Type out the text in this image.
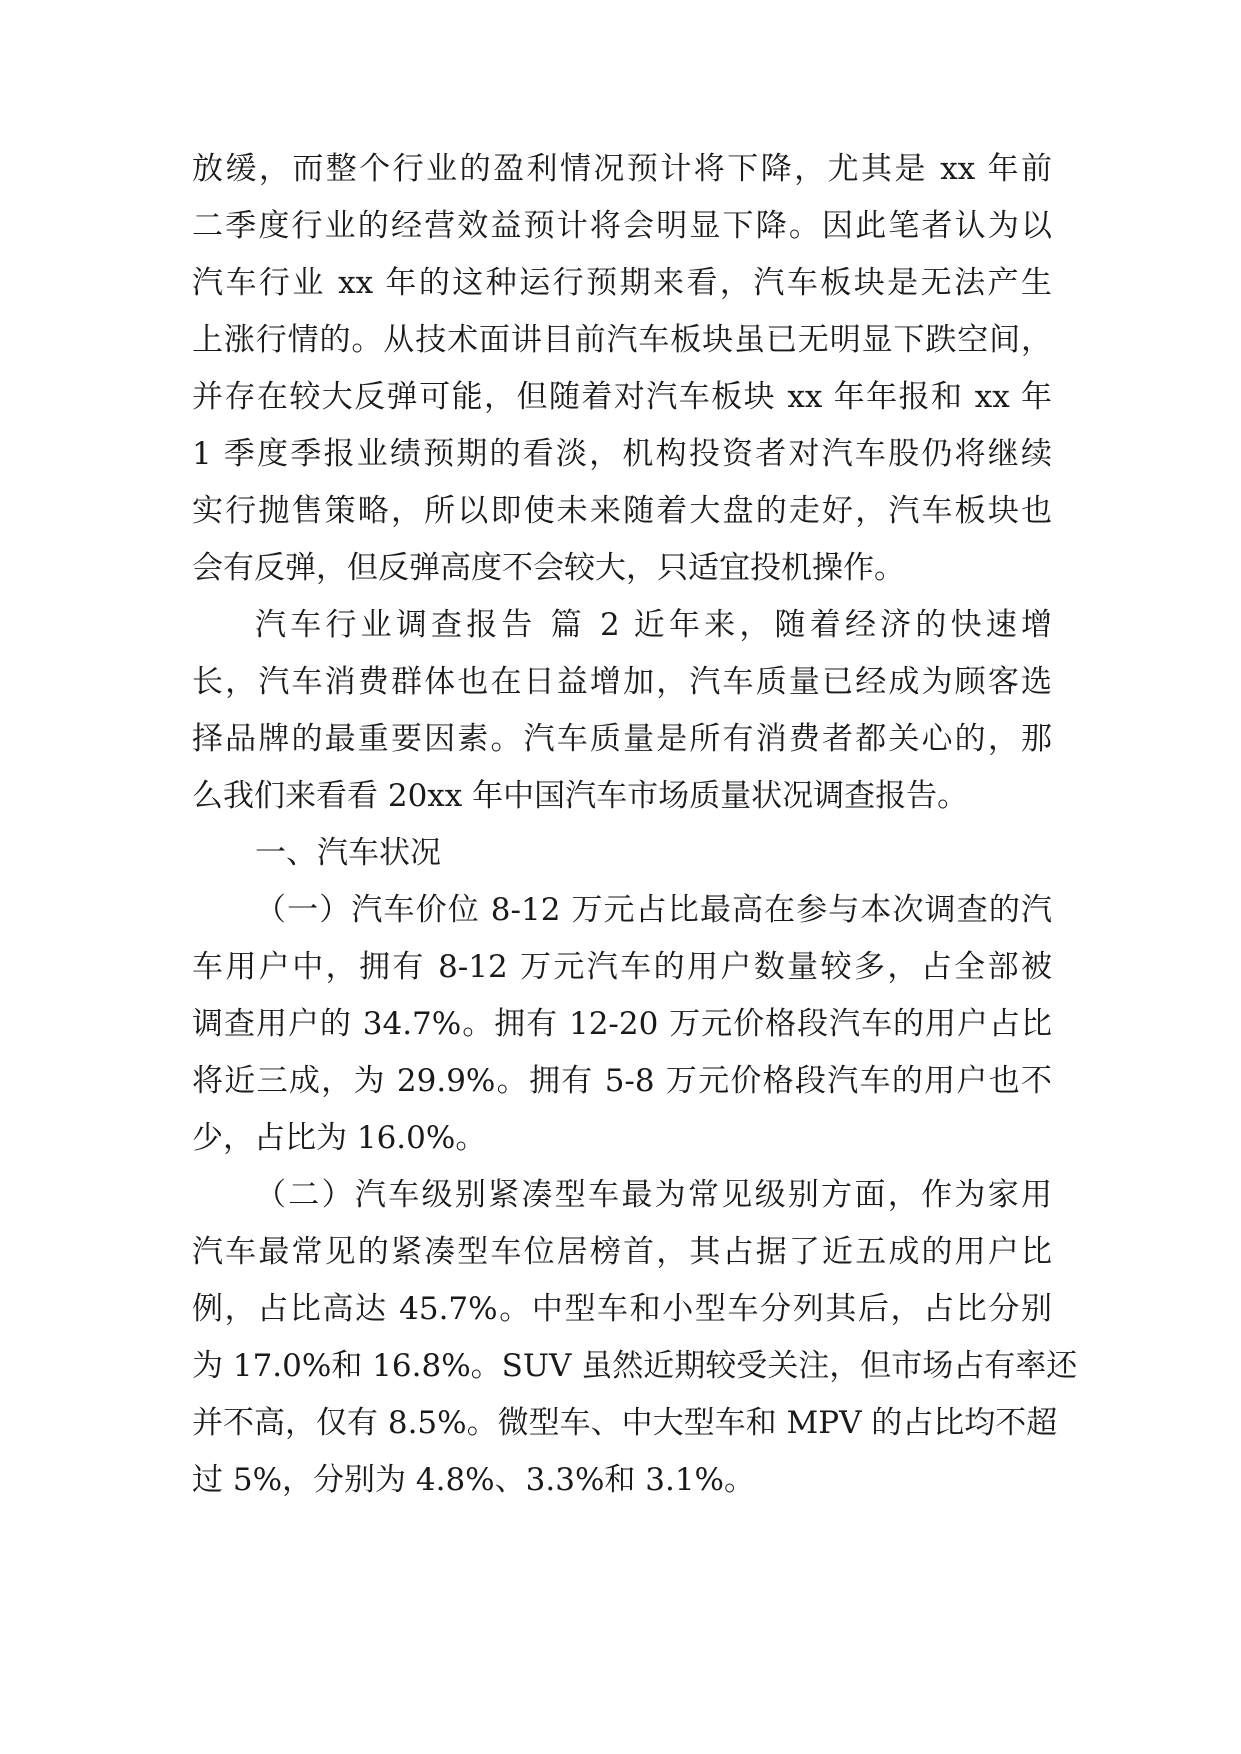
放缓，而整个行业的盈利情况预计将下降，尤其是 xx 年前
二季度行业的经营效益预计将会明显下降。因此笔者认为以
汽车行业 xx 年的这种运行预期来看，汽车板块是无法产生
上涨行情的。从技术面讲目前汽车板块虽已无明显下跌空间，
并存在较大反弹可能，但随着对汽车板块 xx 年年报和 xx 年
1 季度季报业绩预期的看淡，机构投资者对汽车股仍将继续
实行抛售策略，所以即使未来随着大盘的走好，汽车板块也
会有反弹，但反弹高度不会较大，只适宜投机操作。
汽车行业调查报告 篇 2 近年来，随着经济的快速增
长，汽车消费群体也在日益增加，汽车质量已经成为顾客选
择品牌的最重要因素。汽车质量是所有消费者都关心的，那
么我们来看看 20xx 年中国汽车市场质量状况调查报告。
一、汽车状况
（一）汽车价位 8-12 万元占比最高在参与本次调查的汽
车用户中，拥有 8-12 万元汽车的用户数量较多，占全部被
调查用户的 34.7%。拥有 12-20 万元价格段汽车的用户占比
将近三成，为 29.9%。拥有 5-8 万元价格段汽车的用户也不
少，占比为 16.0%。
（二）汽车级别紧凑型车最为常见级别方面，作为家用
汽车最常见的紧凑型车位居榜首，其占据了近五成的用户比
例，占比高达 45.7%。中型车和小型车分列其后，占比分别
为 17.0%和 16.8%。SUV 虽然近期较受关注，但市场占有率还
并不高，仅有 8.5%。微型车、中大型车和 MPV 的占比均不超
过 5%，分别为 4.8%、3.3%和 3.1%。
